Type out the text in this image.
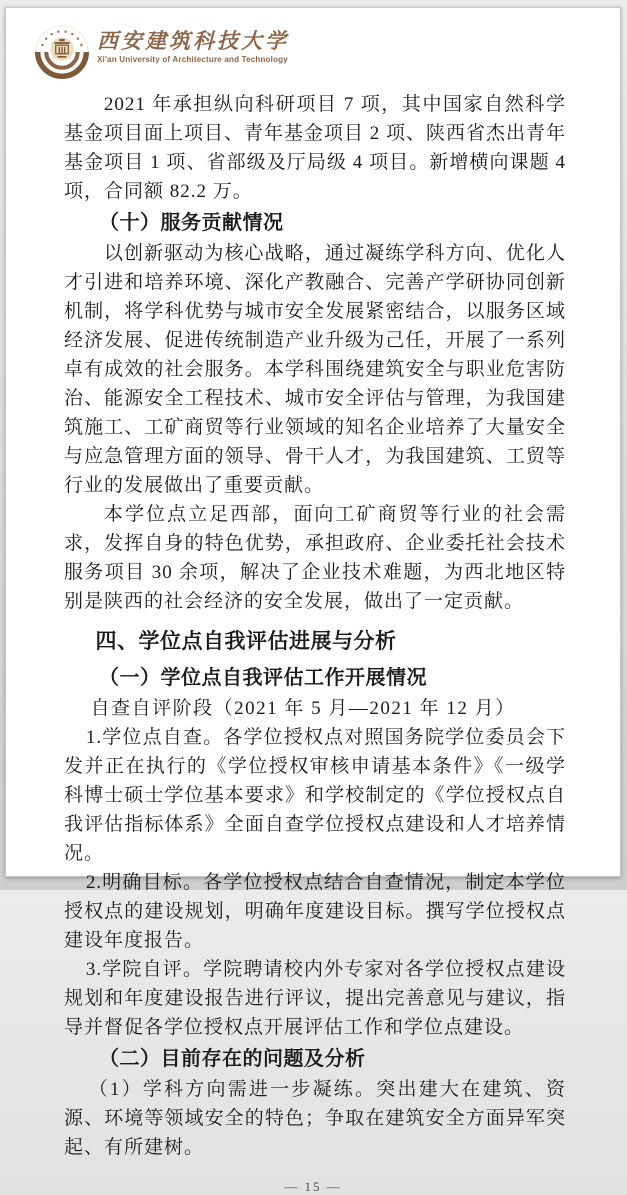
西安建筑科技大学
Xi'an University of Architecture and Technology

2021 年承担纵向科研项目 7 项，其中国家自然科学基金项目面上项目、青年基金项目 2 项、陕西省杰出青年基金项目 1 项、省部级及厅局级 4 项目。新增横向课题 4 项，合同额 82.2 万。

（十）服务贡献情况

以创新驱动为核心战略，通过凝练学科方向、优化人才引进和培养环境、深化产教融合、完善产学研协同创新机制，将学科优势与城市安全发展紧密结合，以服务区域经济发展、促进传统制造产业升级为己任，开展了一系列卓有成效的社会服务。本学科围绕建筑安全与职业危害防治、能源安全工程技术、城市安全评估与管理，为我国建筑施工、工矿商贸等行业领域的知名企业培养了大量安全与应急管理方面的领导、骨干人才，为我国建筑、工贸等行业的发展做出了重要贡献。

本学位点立足西部，面向工矿商贸等行业的社会需求，发挥自身的特色优势，承担政府、企业委托社会技术服务项目 30 余项，解决了企业技术难题，为西北地区特别是陕西的社会经济的安全发展，做出了一定贡献。

四、学位点自我评估进展与分析
（一）学位点自我评估工作开展情况

自查自评阶段（2021 年 5 月—2021 年 12 月）

1.学位点自查。各学位授权点对照国务院学位委员会下发并正在执行的《学位授权审核申请基本条件》《一级学科博士硕士学位基本要求》和学校制定的《学位授权点自我评估指标体系》全面自查学位授权点建设和人才培养情况。

2.明确目标。各学位授权点结合自查情况，制定本学位授权点的建设规划，明确年度建设目标。撰写学位授权点建设年度报告。

3.学院自评。学院聘请校内外专家对各学位授权点建设规划和年度建设报告进行评议，提出完善意见与建议，指导并督促各学位授权点开展评估工作和学位点建设。

（二）目前存在的问题及分析

（1）学科方向需进一步凝练。突出建大在建筑、资源、环境等领域安全的特色；争取在建筑安全方面异军突起、有所建树。

— 15 —
